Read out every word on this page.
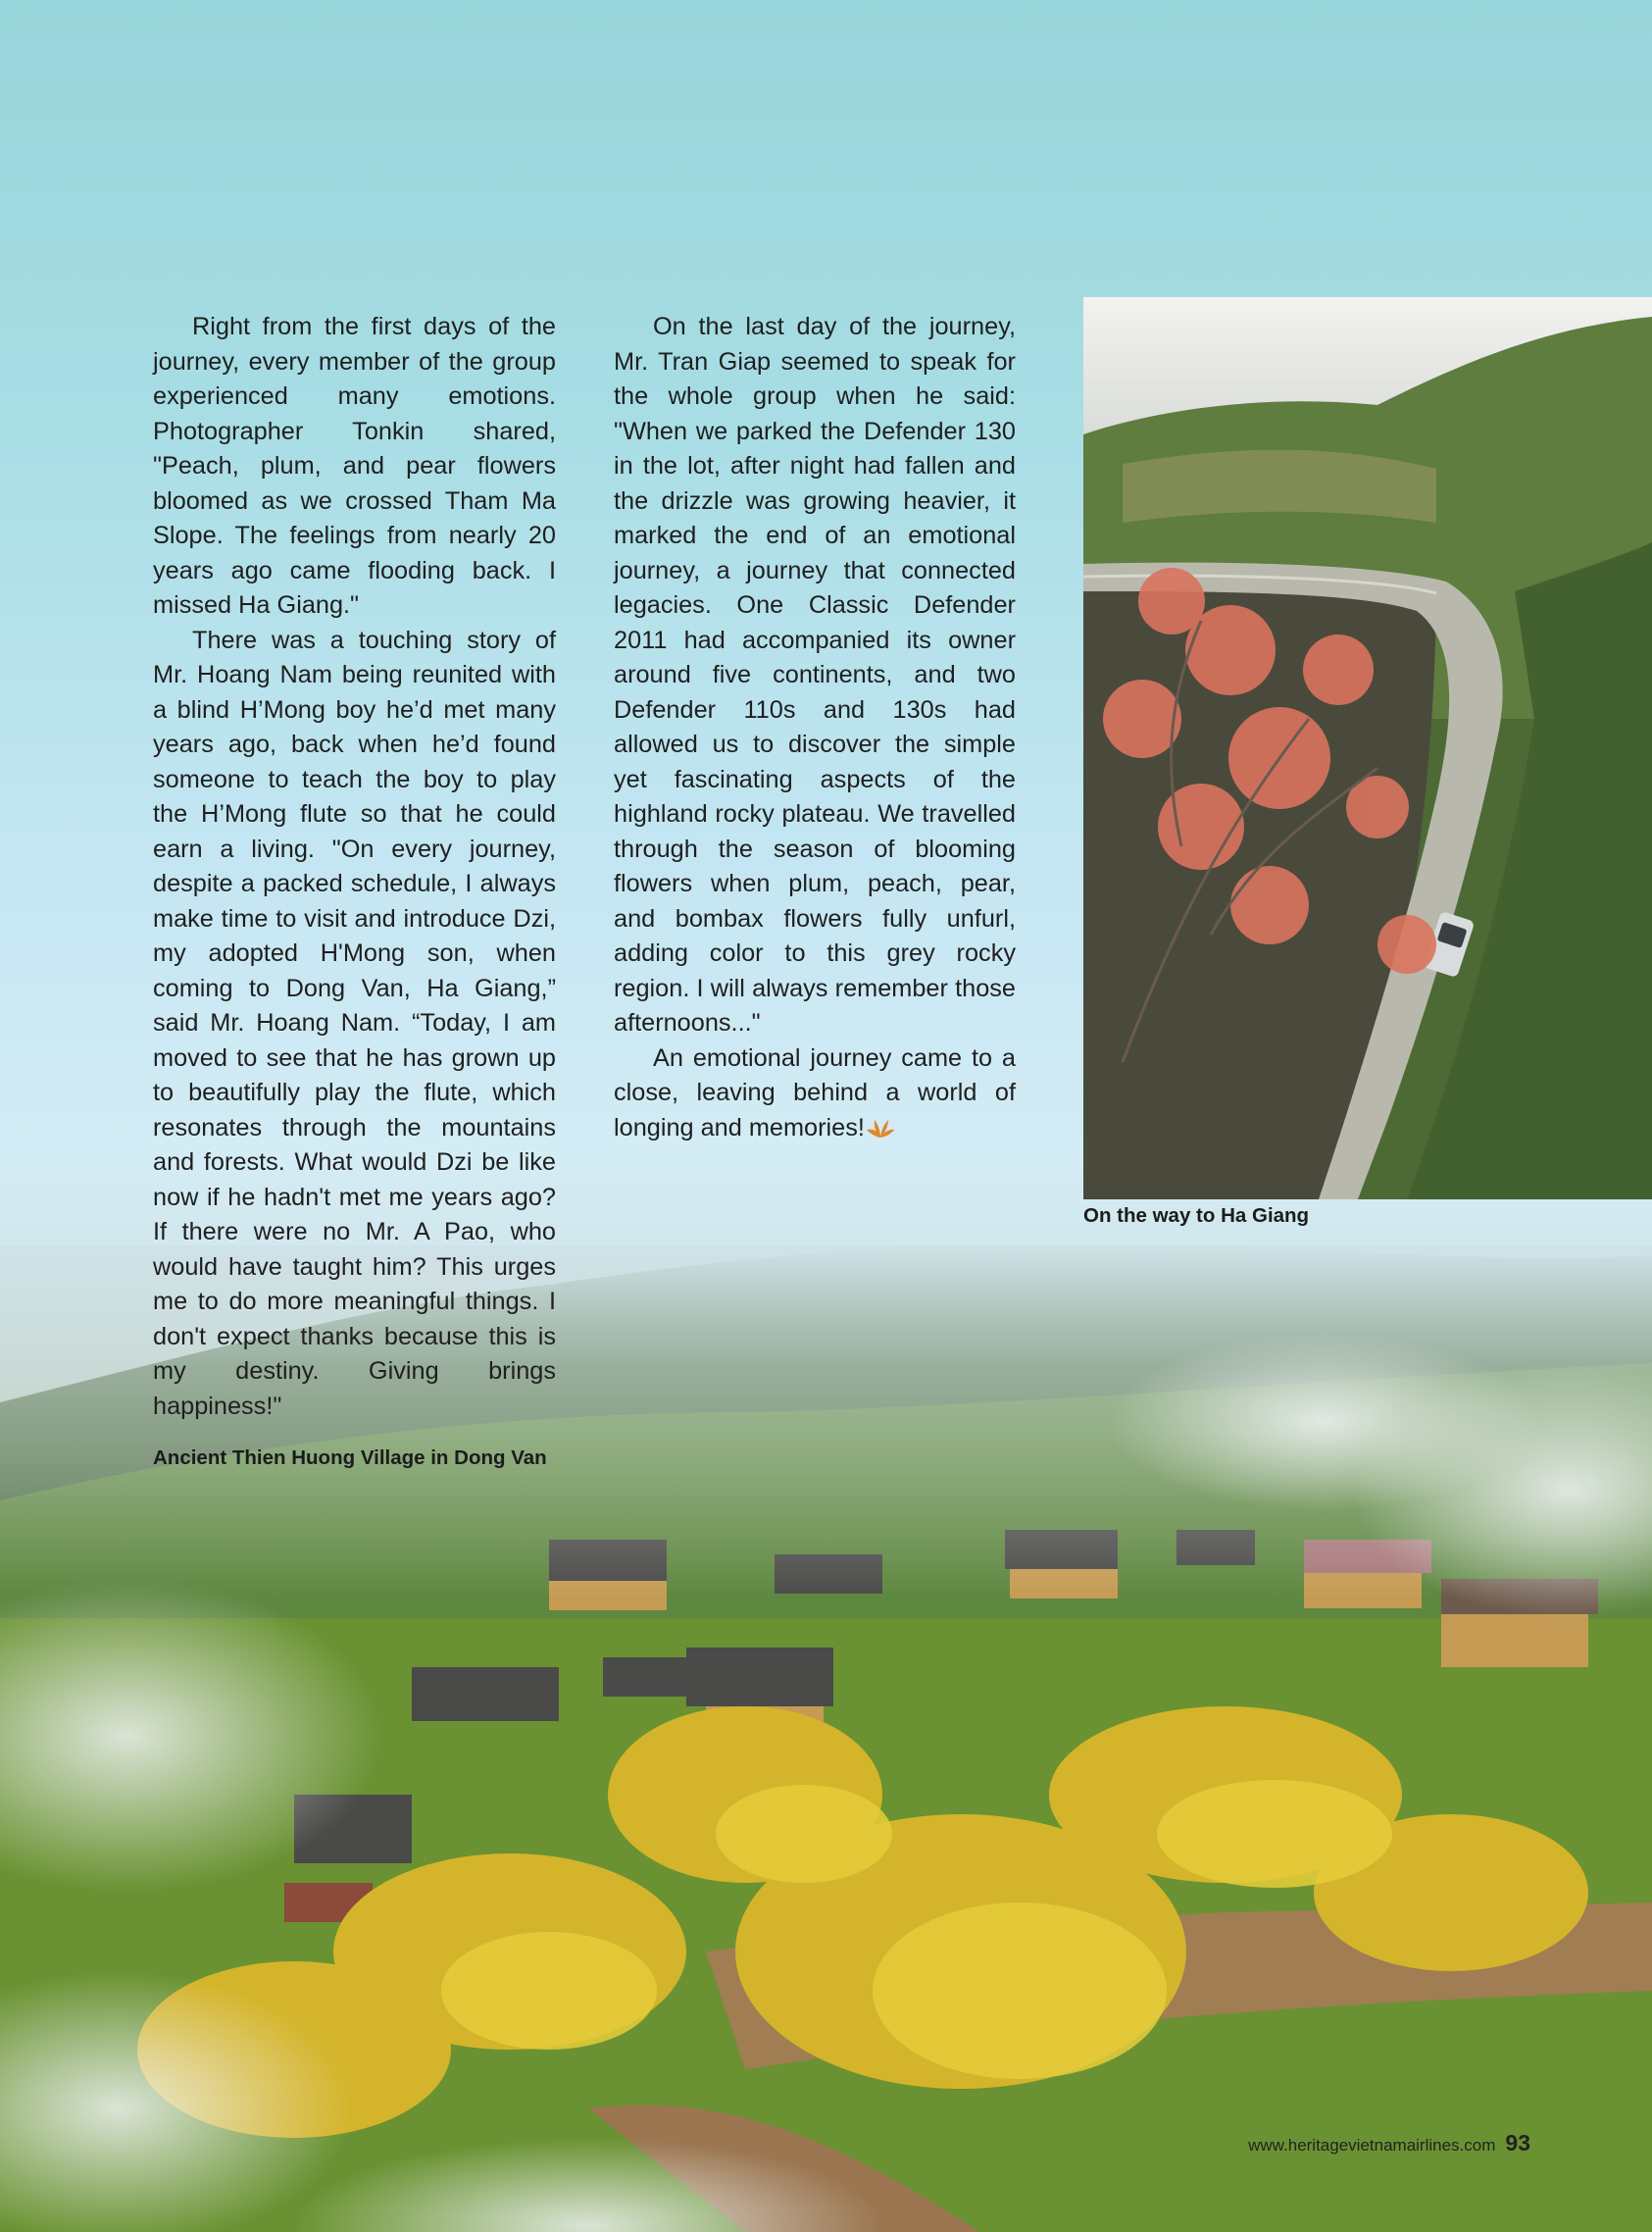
Right from the first days of the journey, every member of the group experienced many emotions. Photographer Tonkin shared, "Peach, plum, and pear flowers bloomed as we crossed Tham Ma Slope. The feelings from nearly 20 years ago came flooding back. I missed Ha Giang."

There was a touching story of Mr. Hoang Nam being reunited with a blind H’Mong boy he’d met many years ago, back when he’d found someone to teach the boy to play the H’Mong flute so that he could earn a living. "On every journey, despite a packed schedule, I always make time to visit and introduce Dzi, my adopted H'Mong son, when coming to Dong Van, Ha Giang,” said Mr. Hoang Nam. “Today, I am moved to see that he has grown up to beautifully play the flute, which resonates through the mountains and forests. What would Dzi be like now if he hadn't met me years ago? If there were no Mr. A Pao, who would have taught him? This urges me to do more meaningful things. I don't expect thanks because this is my destiny. Giving brings happiness!"

On the last day of the journey, Mr. Tran Giap seemed to speak for the whole group when he said: "When we parked the Defender 130 in the lot, after night had fallen and the drizzle was growing heavier, it marked the end of an emotional journey, a journey that connected legacies. One Classic Defender 2011 had accompanied its owner around five continents, and two Defender 110s and 130s had allowed us to discover the simple yet fascinating aspects of the highland rocky plateau. We travelled through the season of blooming flowers when plum, peach, pear, and bombax flowers fully unfurl, adding color to this grey rocky region. I will always remember those afternoons..."

An emotional journey came to a close, leaving behind a world of longing and memories!

On the way to Ha Giang
Ancient Thien Huong Village in Dong Van
www.heritagevietnamairlines.com 93
